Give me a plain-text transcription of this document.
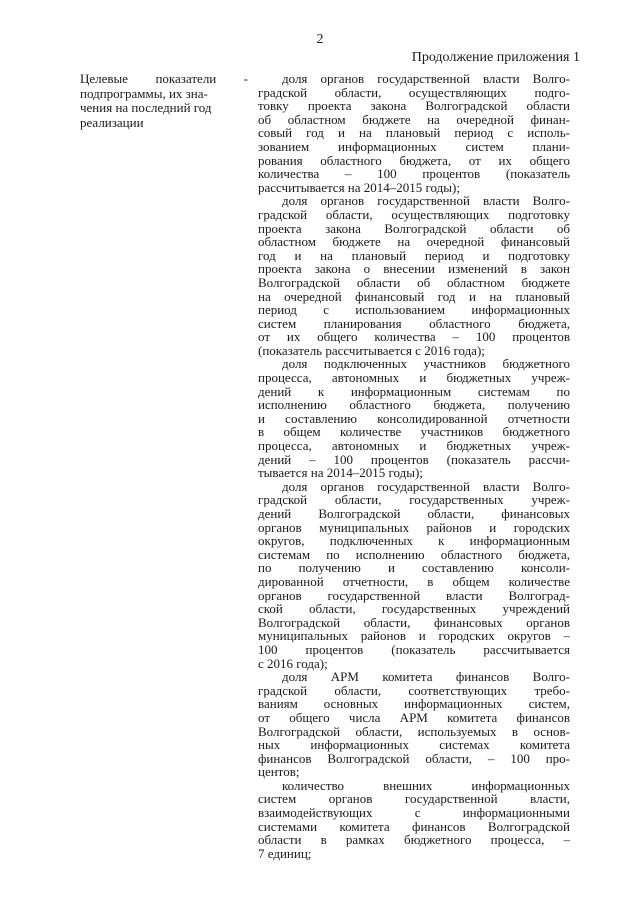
2
Продолжение приложения 1
Целевые показатели -
подпрограммы, их зна-
чения на последний год
реализации
доля органов государственной власти Волго-
градской области, осуществляющих подго-
товку проекта закона Волгоградской области
об областном бюджете на очередной финан-
совый год и на плановый период с исполь-
зованием информационных систем плани-
рования областного бюджета, от их общего
количества – 100 процентов (показатель
рассчитывается на 2014–2015 годы);
доля органов государственной власти Волго-
градской области, осуществляющих подготовку
проекта закона Волгоградской области об
областном бюджете на очередной финансовый
год и на плановый период и подготовку
проекта закона о внесении изменений в закон
Волгоградской области об областном бюджете
на очередной финансовый год и на плановый
период с использованием информационных
систем планирования областного бюджета,
от их общего количества – 100 процентов
(показатель рассчитывается с 2016 года);
доля подключенных участников бюджетного
процесса, автономных и бюджетных учреж-
дений к информационным системам по
исполнению областного бюджета, получению
и составлению консолидированной отчетности
в общем количестве участников бюджетного
процесса, автономных и бюджетных учреж-
дений – 100 процентов (показатель рассчи-
тывается на 2014–2015 годы);
доля органов государственной власти Волго-
градской области, государственных учреж-
дений Волгоградской области, финансовых
органов муниципальных районов и городских
округов, подключенных к информационным
системам по исполнению областного бюджета,
по получению и составлению консоли-
дированной отчетности, в общем количестве
органов государственной власти Волгоград-
ской области, государственных учреждений
Волгоградской области, финансовых органов
муниципальных районов и городских округов –
100 процентов (показатель рассчитывается
с 2016 года);
доля АРМ комитета финансов Волго-
градской области, соответствующих требо-
ваниям основных информационных систем,
от общего числа АРМ комитета финансов
Волгоградской области, используемых в основ-
ных информационных системах комитета
финансов Волгоградской области, – 100 про-
центов;
количество внешних информационных
систем органов государственной власти,
взаимодействующих с информационными
системами комитета финансов Волгоградской
области в рамках бюджетного процесса, –
7 единиц;
